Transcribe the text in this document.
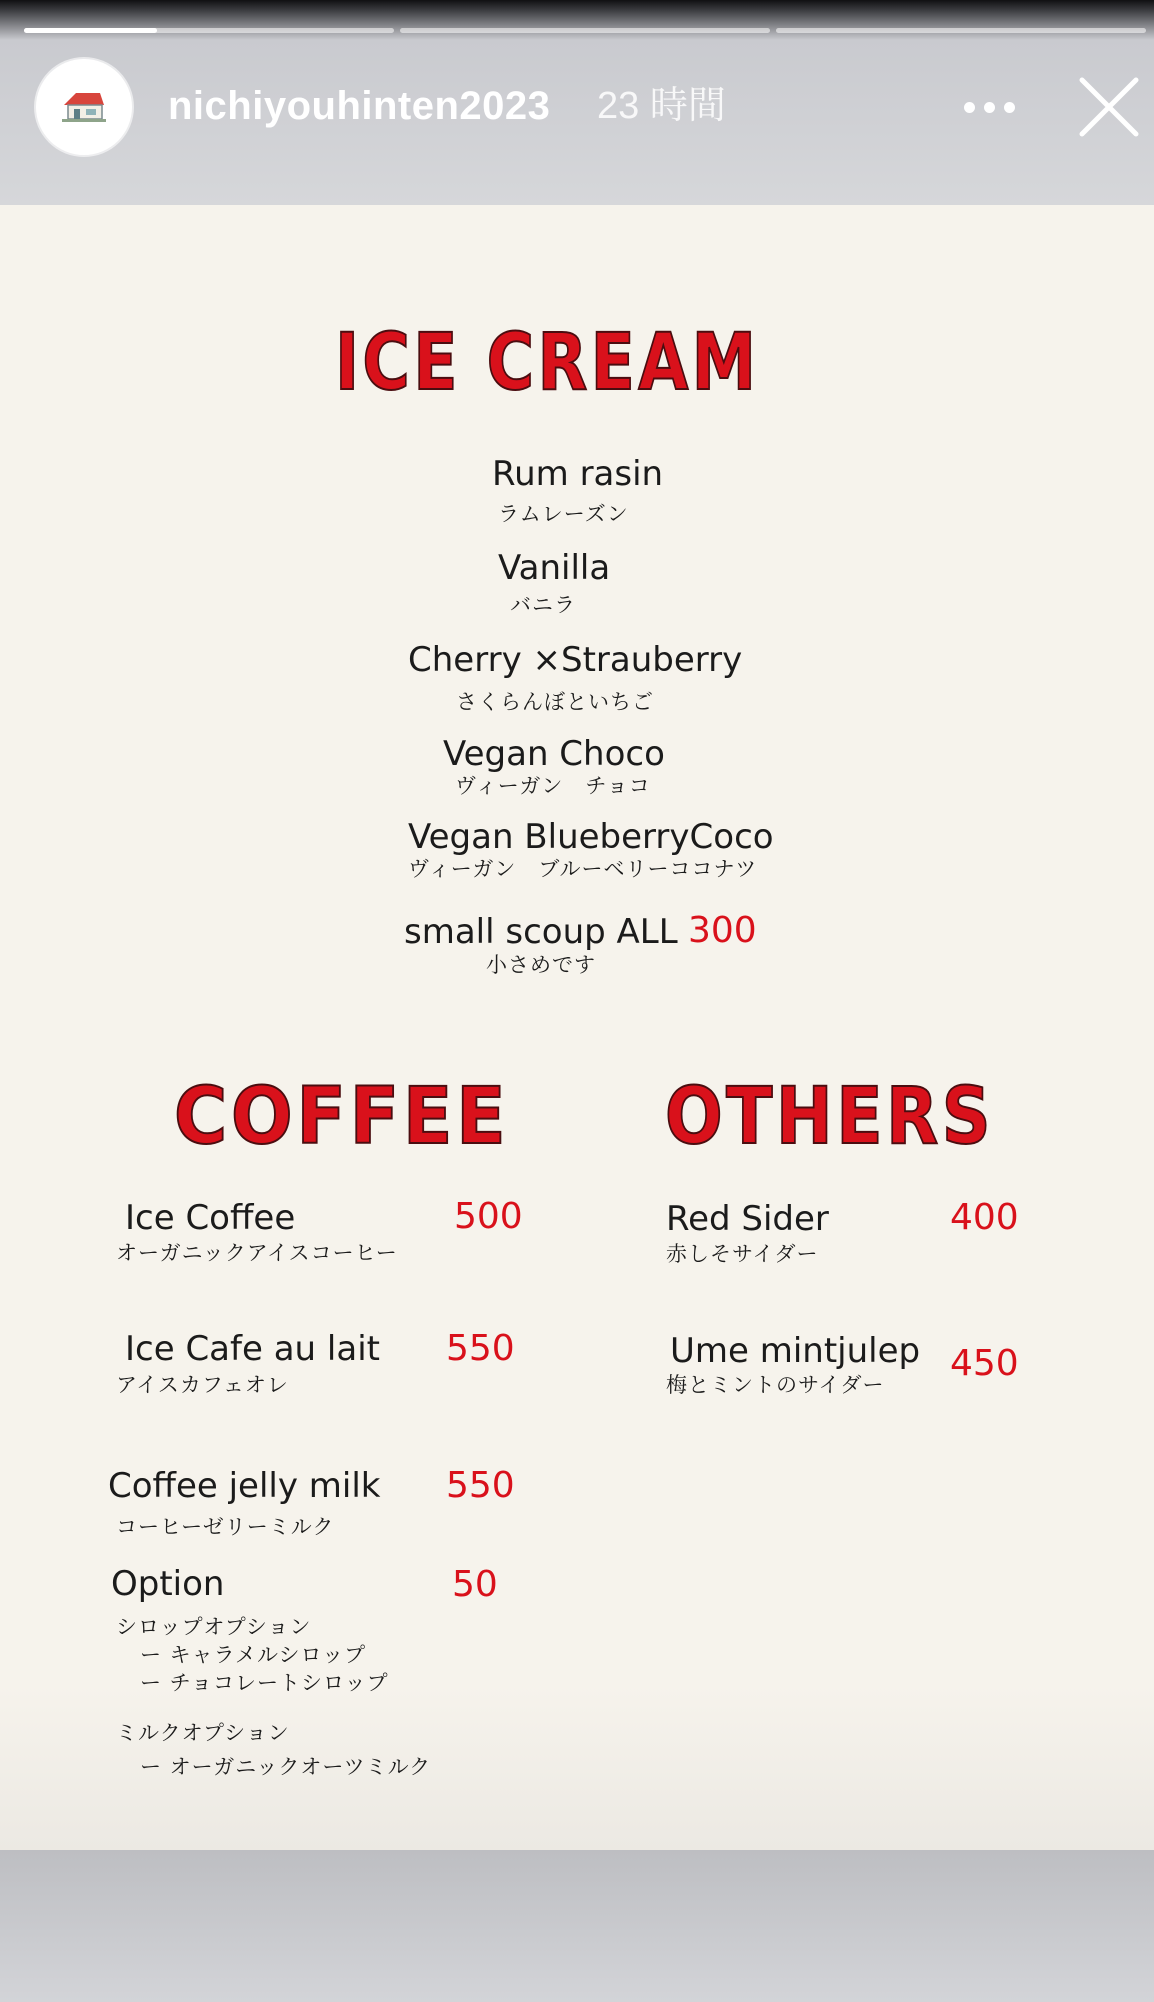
nichiyouhinten2023 23 時間
ICE CREAM
Rum rasin
ラムレーズン
Vanilla
バニラ
Cherry ×Strauberry
さくらんぼといちご
Vegan Choco
ヴィーガン　チョコ
Vegan BlueberryCoco
ヴィーガン　ブルーベリーココナツ
small scoup ALL 300
小さめです
COFFEE
Ice Coffee	500
オーガニックアイスコーヒー
Ice Cafe au lait 550
アイスカフェオレ
Coffee jelly milk 550
コーヒーゼリーミルク
Option	50
シロップオプション
ー キャラメルシロップ
ー チョコレートシロップ
ミルクオプション
ー オーガニックオーツミルク
OTHERS
Red Sider	400
赤しそサイダー
Ume mintjulep 450
梅とミントのサイダー
